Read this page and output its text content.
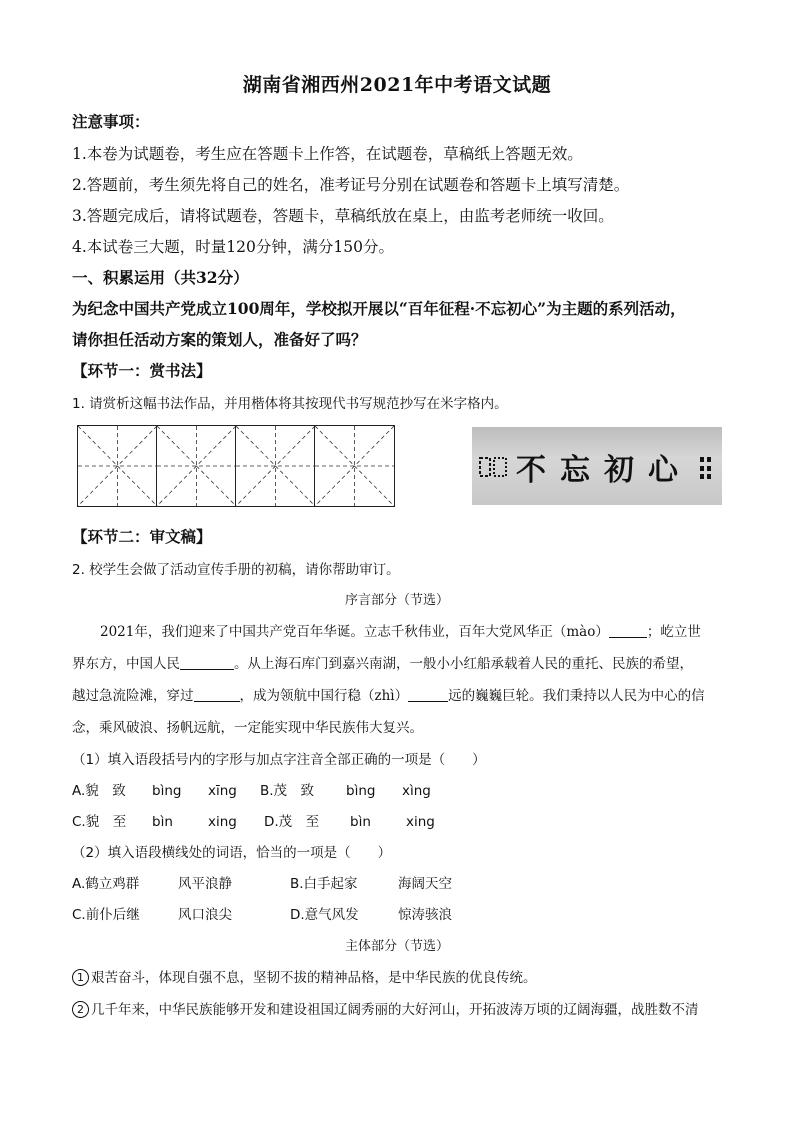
湖南省湘西州2021年中考语文试题
注意事项：
1.本卷为试题卷，考生应在答题卡上作答，在试题卷，草稿纸上答题无效。
2.答题前，考生须先将自己的姓名，准考证号分别在试题卷和答题卡上填写清楚。
3.答题完成后，请将试题卷，答题卡，草稿纸放在桌上，由监考老师统一收回。
4.本试卷三大题，时量120分钟，满分150分。
一、积累运用（共32分）
为纪念中国共产党成立100周年，学校拟开展以“百年征程·不忘初心”为主题的系列活动，
请你担任活动方案的策划人，准备好了吗？
【环节一：赏书法】
1. 请赏析这幅书法作品，并用楷体将其按现代书写规范抄写在米字格内。
不忘初心
【环节二：审文稿】
2. 校学生会做了活动宣传手册的初稿，请你帮助审订。
序言部分（节选）
2021年，我们迎来了中国共产党百年华诞。立志千秋伟业，百年大党风华正（mào）	；屹立世
界东方，中国人民	。从上海石库门到嘉兴南湖，一般小小红船承载着人民的重托、民族的希望，
越过急流险滩，穿过	，成为领航中国行稳（zhì）	远的巍巍巨轮。我们秉持以人民为中心的信
念，乘风破浪、扬帆远航，一定能实现中华民族伟大复兴。
（1）填入语段括号内的字形与加点字注音全部正确的一项是（　　）
A.貌　致 bìng xīng B.茂　致 bìng xìng
C.貌　至 bìn	xing D.茂　至 bìn	xing
（2）填入语段横线处的词语，恰当的一项是（　　）
A.鹤立鸡群	风平浪静	B.白手起家	海阔天空
C.前仆后继	风口浪尖	D.意气风发	惊涛骇浪
主体部分（节选）
1 艰苦奋斗，体现自强不息，坚韧不拔的精神品格，是中华民族的优良传统。
2 几千年来，中华民族能够开发和建设祖国辽阔秀丽的大好河山，开拓波涛万顷的辽阔海疆，战胜数不清
